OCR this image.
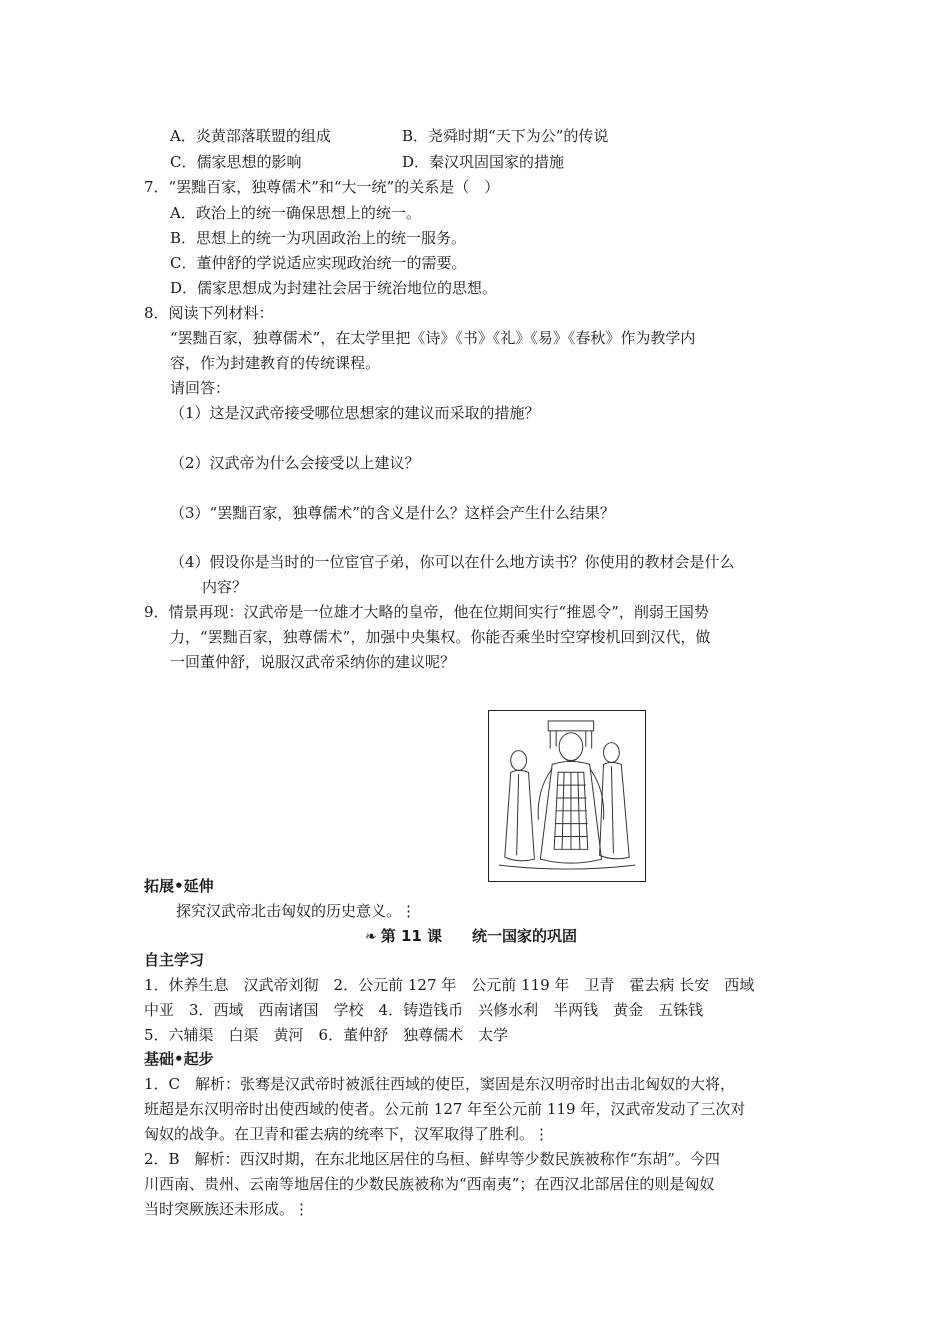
A．炎黄部落联盟的组成	B．尧舜时期“天下为公”的传说
C．儒家思想的影响	D．秦汉巩固国家的措施
7．“罢黜百家，独尊儒术”和“大一统”的关系是（　）
A．政治上的统一确保思想上的统一。
B．思想上的统一为巩固政治上的统一服务。
C．董仲舒的学说适应实现政治统一的需要。
D．儒家思想成为封建社会居于统治地位的思想。
8．阅读下列材料：
“罢黜百家，独尊儒术”，在太学里把《诗》《书》《礼》《易》《春秋》作为教学内
容，作为封建教育的传统课程。
请回答：
（1）这是汉武帝接受哪位思想家的建议而采取的措施？
（2）汉武帝为什么会接受以上建议？
（3）“罢黜百家，独尊儒术”的含义是什么？这样会产生什么结果？
（4）假设你是当时的一位宦官子弟，你可以在什么地方读书？你使用的教材会是什么
内容？
9．情景再现：汉武帝是一位雄才大略的皇帝，他在位期间实行“推恩令”，削弱王国势
力，“罢黜百家，独尊儒术”，加强中央集权。你能否乘坐时空穿梭机回到汉代，做
一回董仲舒，说服汉武帝采纳你的建议呢？
拓展•延伸
探究汉武帝北击匈奴的历史意义。⋮
❧ 第 11 课　　统一国家的巩固
自主学习
1．休养生息　汉武帝刘彻　2．公元前 127 年　公元前 119 年　卫青　霍去病 长安　西域
中亚　3．西域　西南诸国　学校　4．铸造钱币　兴修水利　半两钱　黄金　五铢钱
5．六辅渠　白渠　黄河　6．董仲舒　独尊儒术　太学
基础•起步
1．C　解析：张骞是汉武帝时被派往西域的使臣，窦固是东汉明帝时出击北匈奴的大将，
班超是东汉明帝时出使西域的使者。公元前 127 年至公元前 119 年，汉武帝发动了三次对
匈奴的战争。在卫青和霍去病的统率下，汉军取得了胜利。⋮
2．B　解析：西汉时期，在东北地区居住的乌桓、鲜卑等少数民族被称作“东胡”。今四
川西南、贵州、云南等地居住的少数民族被称为“西南夷”；在西汉北部居住的则是匈奴
当时突厥族还未形成。⋮
